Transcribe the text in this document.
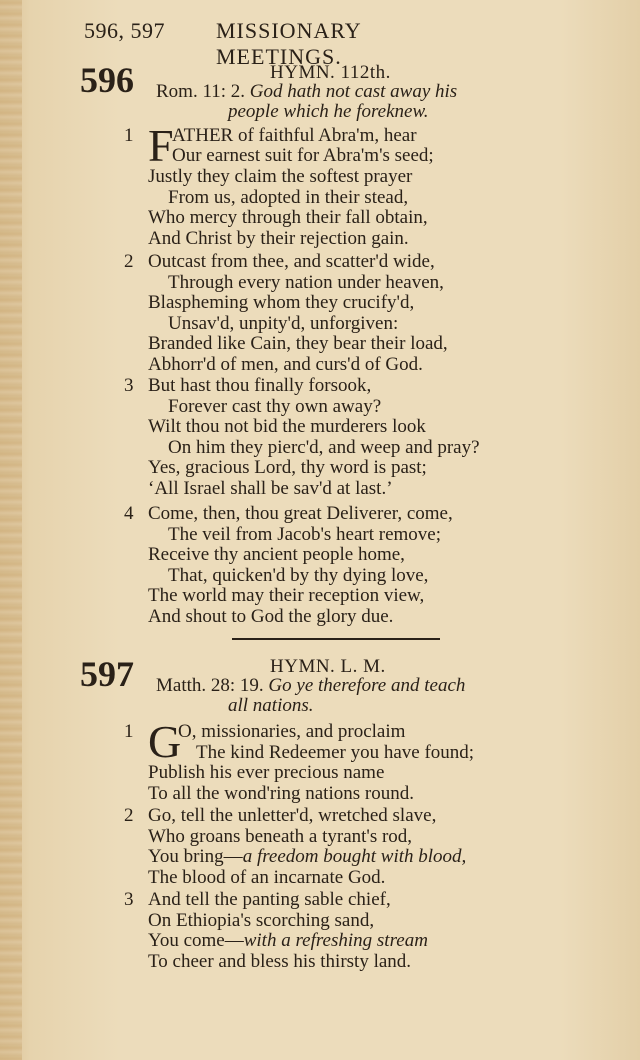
596, 597 MISSIONARY MEETINGS.
596	HYMN. 112th.
Rom. 11: 2. God hath not cast away his
people which he foreknew.
1 F
ATHER of faithful Abra'm, hear
Our earnest suit for Abra'm's seed;
Justly they claim the softest prayer
From us, adopted in their stead,
Who mercy through their fall obtain,
And Christ by their rejection gain.
2 Outcast from thee, and scatter'd wide,
Through every nation under heaven,
Blaspheming whom they crucify'd,
Unsav'd, unpity'd, unforgiven:
Branded like Cain, they bear their load,
Abhorr'd of men, and curs'd of God.
3 But hast thou finally forsook,
Forever cast thy own away?
Wilt thou not bid the murderers look
On him they pierc'd, and weep and pray?
Yes, gracious Lord, thy word is past;
‘All Israel shall be sav'd at last.’
4 Come, then, thou great Deliverer, come,
The veil from Jacob's heart remove;
Receive thy ancient people home,
That, quicken'd by thy dying love,
The world may their reception view,
And shout to God the glory due.
597	HYMN. L. M.
Matth. 28: 19. Go ye therefore and teach
all nations.
1 G
O, missionaries, and proclaim
The kind Redeemer you have found;
Publish his ever precious name
To all the wond'ring nations round.
2 Go, tell the unletter'd, wretched slave,
Who groans beneath a tyrant's rod,
You bring—a freedom bought with blood,
The blood of an incarnate God.
3 And tell the panting sable chief,
On Ethiopia's scorching sand,
You come—with a refreshing stream
To cheer and bless his thirsty land.
